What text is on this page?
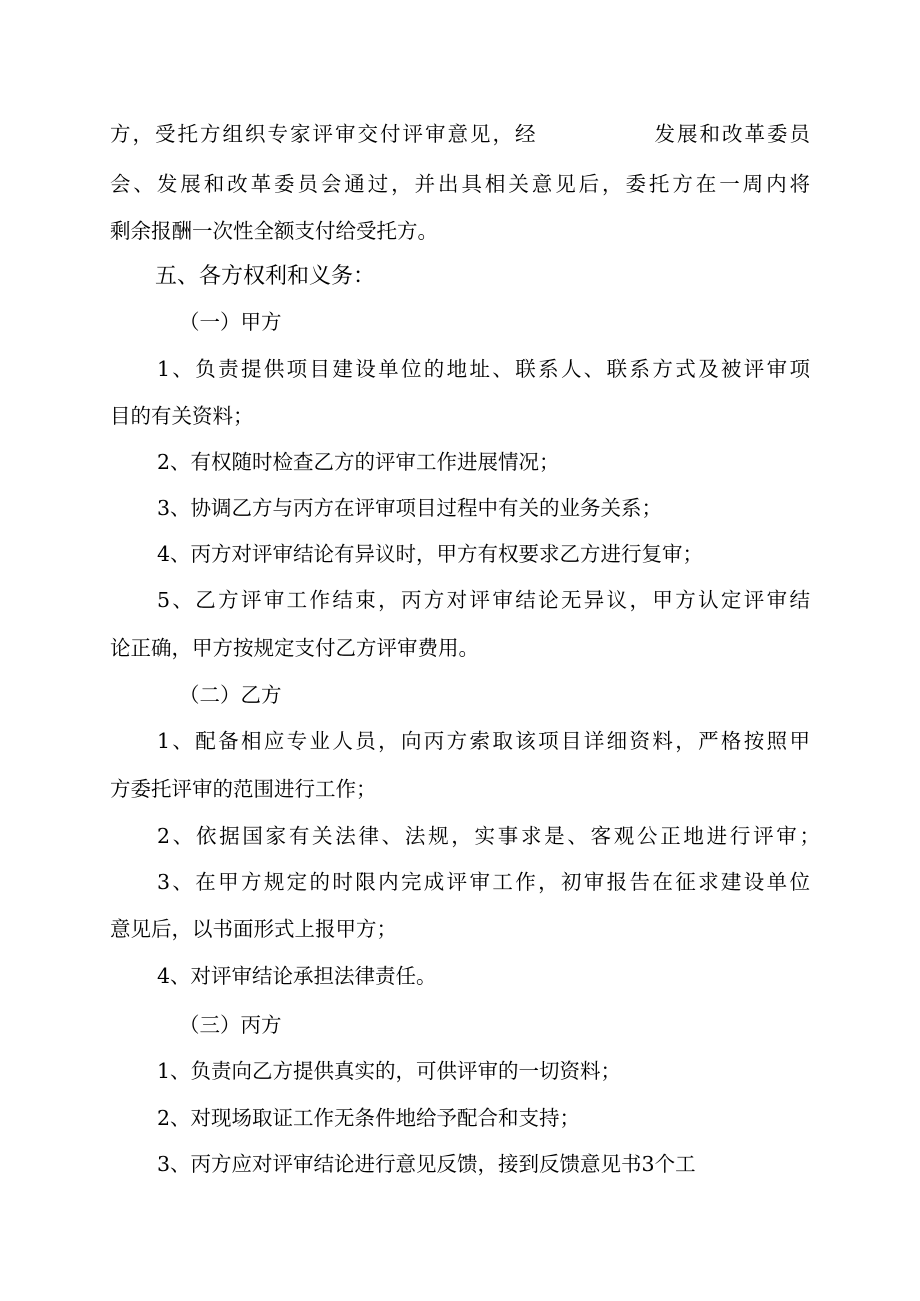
方，受托方组织专家评审交付评审意见，经	发展和改革委员

会、发展和改革委员会通过，并出具相关意见后，委托方在一周内将

剩余报酬一次性全额支付给受托方。

五、各方权利和义务：

（一）甲方

1、负责提供项目建设单位的地址、联系人、联系方式及被评审项

目的有关资料；

2、有权随时检查乙方的评审工作进展情况；

3、协调乙方与丙方在评审项目过程中有关的业务关系；

4、丙方对评审结论有异议时，甲方有权要求乙方进行复审；

5、乙方评审工作结束，丙方对评审结论无异议，甲方认定评审结

论正确，甲方按规定支付乙方评审费用。

（二）乙方

1、配备相应专业人员，向丙方索取该项目详细资料，严格按照甲

方委托评审的范围进行工作；

2、依据国家有关法律、法规，实事求是、客观公正地进行评审；

3、在甲方规定的时限内完成评审工作，初审报告在征求建设单位

意见后，以书面形式上报甲方；

4、对评审结论承担法律责任。

（三）丙方

1、负责向乙方提供真实的，可供评审的一切资料；

2、对现场取证工作无条件地给予配合和支持；

3、丙方应对评审结论进行意见反馈，接到反馈意见书3个工
